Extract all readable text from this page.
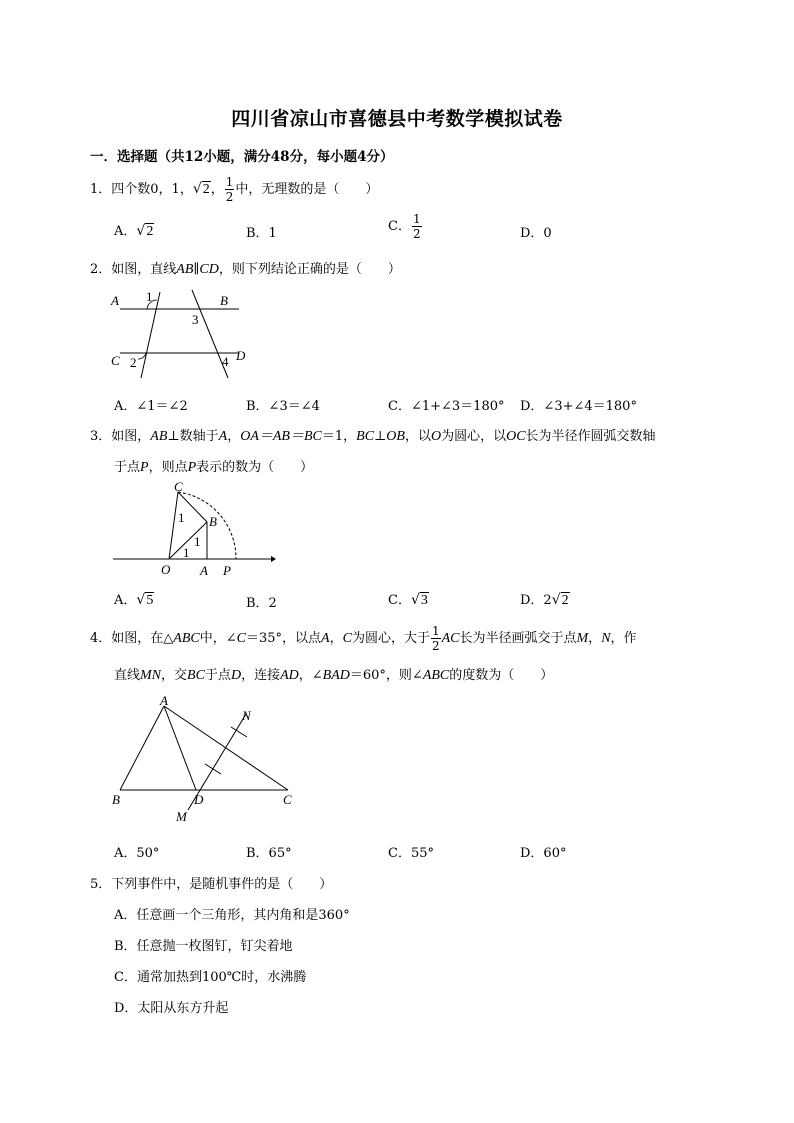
四川省凉山市喜德县中考数学模拟试卷
一．选择题（共12小题，满分48分，每小题4分）
1．四个数0，1，√2， $\frac{1}{2}$ 中，无理数的是（　　）
A．√2	B．1	C． $\frac{1}{2}$	D．0
2．如图，直线AB∥CD，则下列结论正确的是（　　）
A	B
C	D
1
2
3
4
A．∠1＝∠2	B．∠3＝∠4	C．∠1+∠3＝180° D．∠3+∠4＝180°
3．如图，AB⊥数轴于A，OA＝AB＝BC＝1，BC⊥OB，以O为圆心，以OC长为半径作圆弧交数轴
于点P，则点P表示的数为（　　）
C
B
O A P
1
1
1
A．√5	B．2	C．√3	D．2√2
4．如图，在△ABC中，∠C＝35°，以点A，C为圆心，大于 $\frac{1}{2}$ AC长为半径画弧交于点M，N，作
直线MN，交BC于点D，连接AD，∠BAD＝60°，则∠ABC的度数为（　　）
A
B	C
D
M
N
A．50°	B．65°	C．55°	D．60°
5．下列事件中，是随机事件的是（　　）
A．任意画一个三角形，其内角和是360°
B．任意抛一枚图钉，钉尖着地
C．通常加热到100℃时，水沸腾
D．太阳从东方升起
